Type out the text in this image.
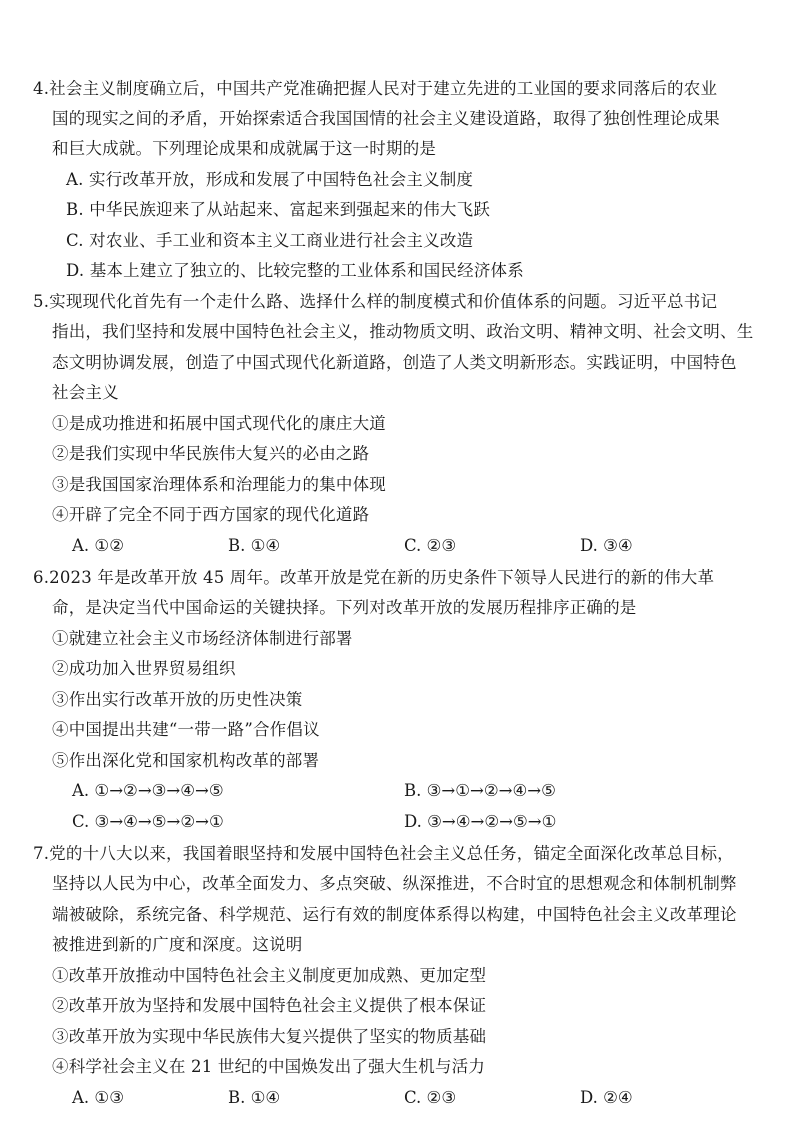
4.社会主义制度确立后，中国共产党准确把握人民对于建立先进的工业国的要求同落后的农业
国的现实之间的矛盾，开始探索适合我国国情的社会主义建设道路，取得了独创性理论成果
和巨大成就。下列理论成果和成就属于这一时期的是
A. 实行改革开放，形成和发展了中国特色社会主义制度
B. 中华民族迎来了从站起来、富起来到强起来的伟大飞跃
C. 对农业、手工业和资本主义工商业进行社会主义改造
D. 基本上建立了独立的、比较完整的工业体系和国民经济体系
5.实现现代化首先有一个走什么路、选择什么样的制度模式和价值体系的问题。习近平总书记
指出，我们坚持和发展中国特色社会主义，推动物质文明、政治文明、精神文明、社会文明、生
态文明协调发展，创造了中国式现代化新道路，创造了人类文明新形态。实践证明，中国特色
社会主义
①是成功推进和拓展中国式现代化的康庄大道
②是我们实现中华民族伟大复兴的必由之路
③是我国国家治理体系和治理能力的集中体现
④开辟了完全不同于西方国家的现代化道路
A. ①②	B. ①④	C. ②③	D. ③④
6.2023 年是改革开放 45 周年。改革开放是党在新的历史条件下领导人民进行的新的伟大革
命，是决定当代中国命运的关键抉择。下列对改革开放的发展历程排序正确的是
①就建立社会主义市场经济体制进行部署
②成功加入世界贸易组织
③作出实行改革开放的历史性决策
④中国提出共建“一带一路”合作倡议
⑤作出深化党和国家机构改革的部署
A. ①→②→③→④→⑤	B. ③→①→②→④→⑤
C. ③→④→⑤→②→①	D. ③→④→②→⑤→①
7.党的十八大以来，我国着眼坚持和发展中国特色社会主义总任务，锚定全面深化改革总目标，
坚持以人民为中心，改革全面发力、多点突破、纵深推进，不合时宜的思想观念和体制机制弊
端被破除，系统完备、科学规范、运行有效的制度体系得以构建，中国特色社会主义改革理论
被推进到新的广度和深度。这说明
①改革开放推动中国特色社会主义制度更加成熟、更加定型
②改革开放为坚持和发展中国特色社会主义提供了根本保证
③改革开放为实现中华民族伟大复兴提供了坚实的物质基础
④科学社会主义在 21 世纪的中国焕发出了强大生机与活力
A. ①③	B. ①④	C. ②③	D. ②④
